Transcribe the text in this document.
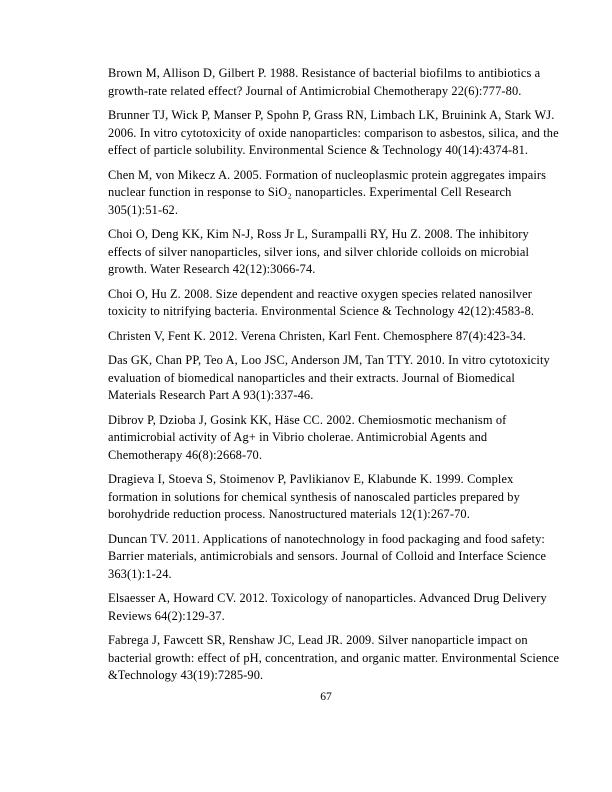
Brown M, Allison D, Gilbert P. 1988. Resistance of bacterial biofilms to antibiotics a
growth-rate related effect? Journal of Antimicrobial Chemotherapy 22(6):777-80.
Brunner TJ, Wick P, Manser P, Spohn P, Grass RN, Limbach LK, Bruinink A, Stark WJ.
2006. In vitro cytotoxicity of oxide nanoparticles: comparison to asbestos, silica, and the
effect of particle solubility. Environmental Science & Technology 40(14):4374-81.
Chen M, von Mikecz A. 2005. Formation of nucleoplasmic protein aggregates impairs
nuclear function in response to SiO₂ nanoparticles. Experimental Cell Research
305(1):51-62.
Choi O, Deng KK, Kim N-J, Ross Jr L, Surampalli RY, Hu Z. 2008. The inhibitory
effects of silver nanoparticles, silver ions, and silver chloride colloids on microbial
growth. Water Research 42(12):3066-74.
Choi O, Hu Z. 2008. Size dependent and reactive oxygen species related nanosilver
toxicity to nitrifying bacteria. Environmental Science & Technology 42(12):4583-8.
Christen V, Fent K. 2012. Verena Christen, Karl Fent. Chemosphere 87(4):423-34.
Das GK, Chan PP, Teo A, Loo JSC, Anderson JM, Tan TTY. 2010. In vitro cytotoxicity
evaluation of biomedical nanoparticles and their extracts. Journal of Biomedical
Materials Research Part A 93(1):337-46.
Dibrov P, Dzioba J, Gosink KK, Häse CC. 2002. Chemiosmotic mechanism of
antimicrobial activity of Ag+ in Vibrio cholerae. Antimicrobial Agents and
Chemotherapy 46(8):2668-70.
Dragieva I, Stoeva S, Stoimenov P, Pavlikianov E, Klabunde K. 1999. Complex
formation in solutions for chemical synthesis of nanoscaled particles prepared by
borohydride reduction process. Nanostructured materials 12(1):267-70.
Duncan TV. 2011. Applications of nanotechnology in food packaging and food safety:
Barrier materials, antimicrobials and sensors. Journal of Colloid and Interface Science
363(1):1-24.
Elsaesser A, Howard CV. 2012. Toxicology of nanoparticles. Advanced Drug Delivery
Reviews 64(2):129-37.
Fabrega J, Fawcett SR, Renshaw JC, Lead JR. 2009. Silver nanoparticle impact on
bacterial growth: effect of pH, concentration, and organic matter. Environmental Science
&Technology 43(19):7285-90.
67
